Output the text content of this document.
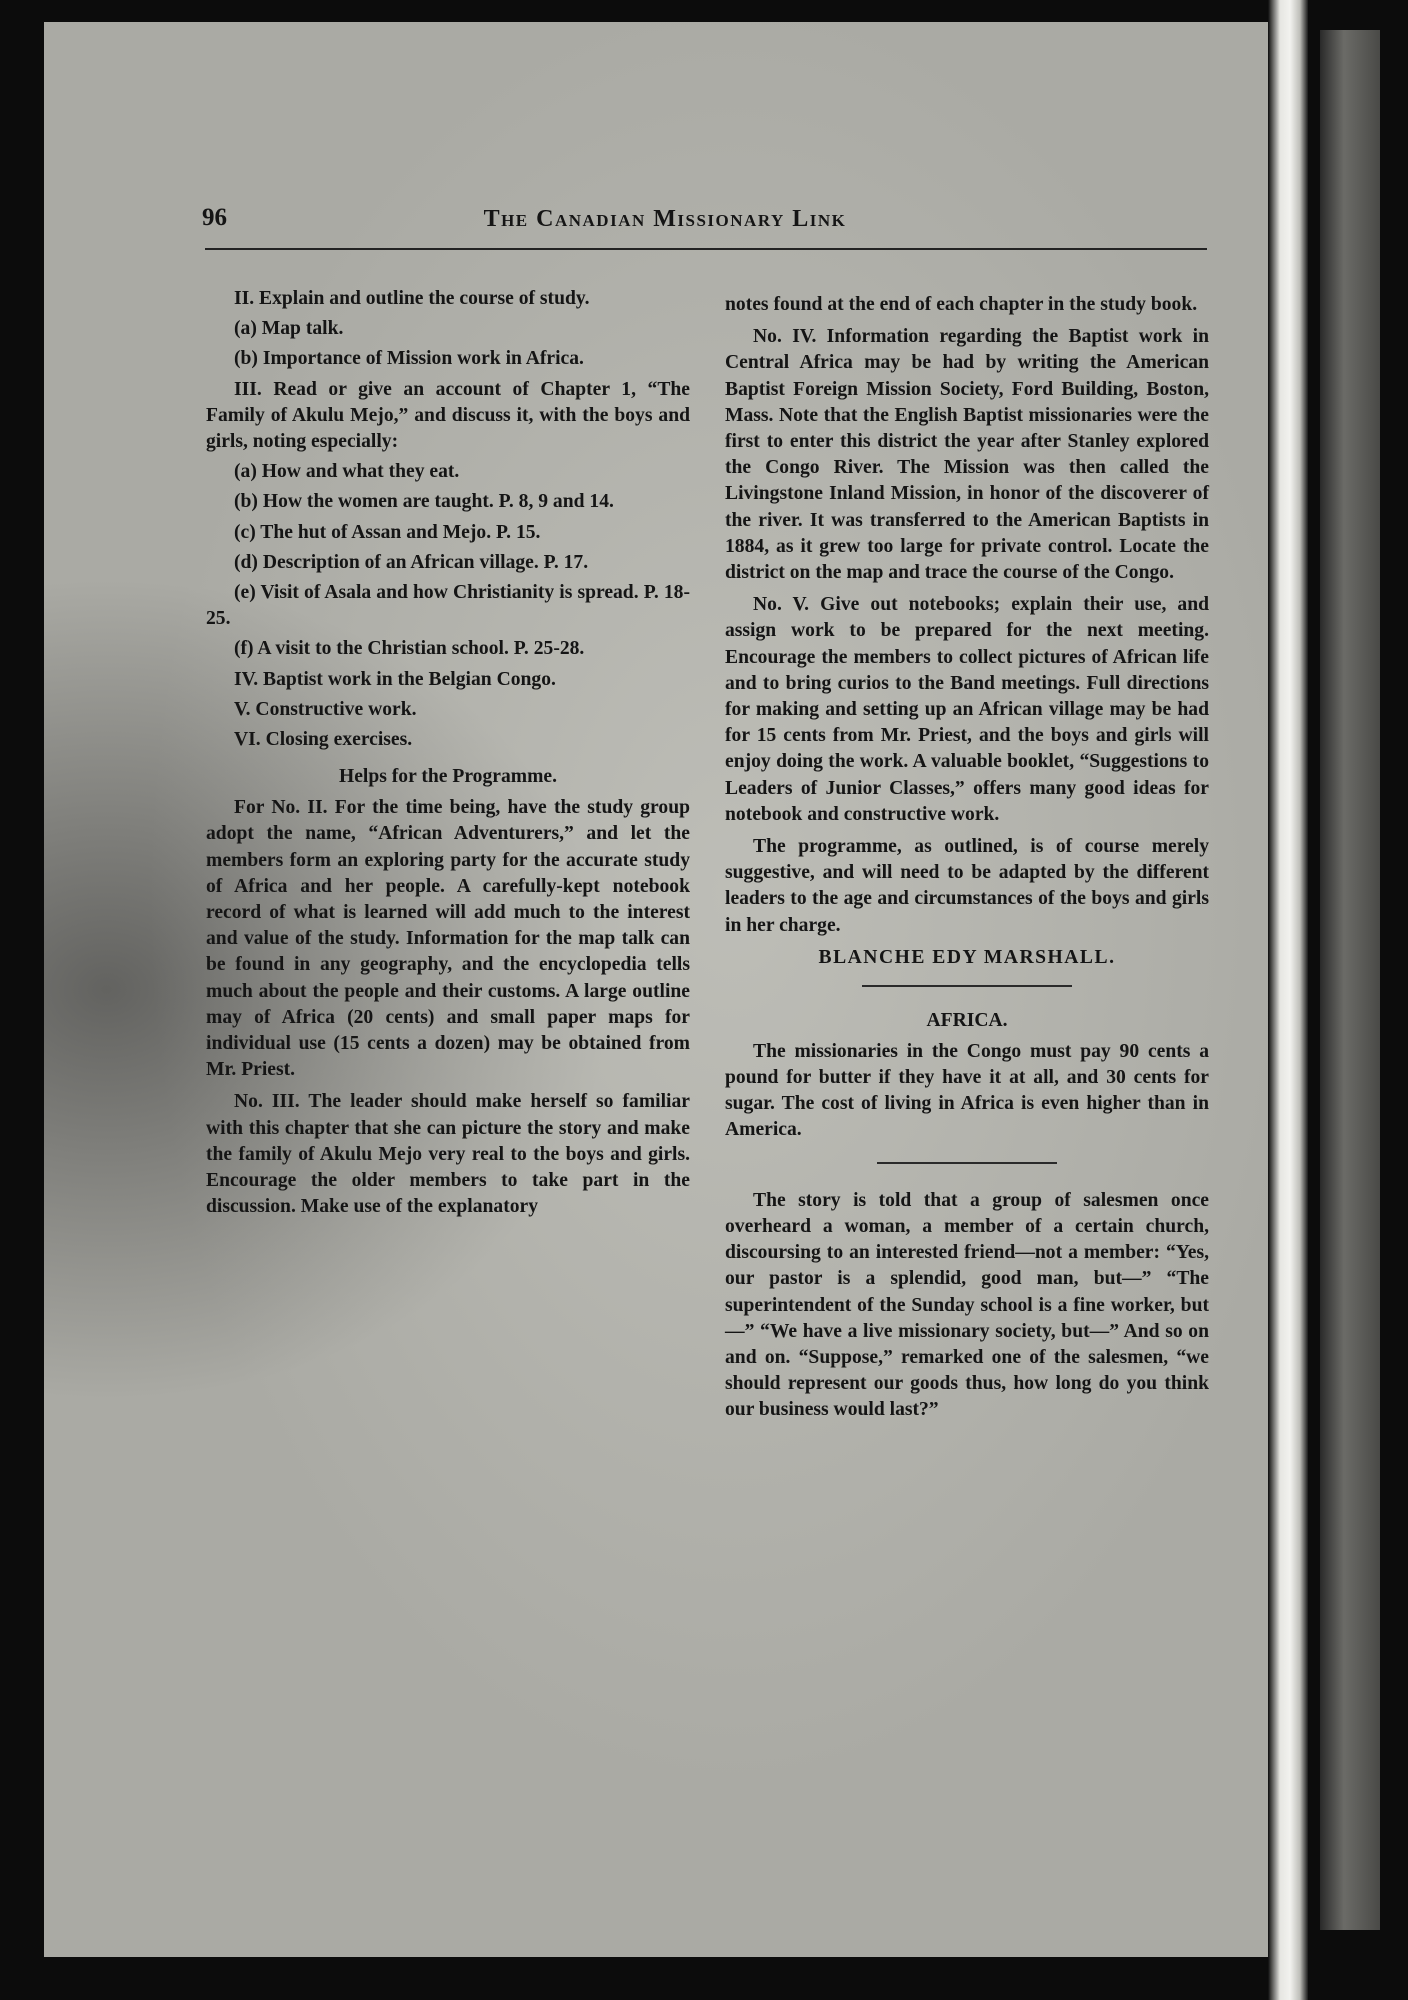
96	The Canadian Missionary Link

II. Explain and outline the course of study.

(a) Map talk.

(b) Importance of Mission work in Africa.

III. Read or give an account of Chapter 1, “The Family of Akulu Mejo,” and discuss it, with the boys and girls, noting especially:

(a) How and what they eat.

(b) How the women are taught. P. 8, 9 and 14.

(c) The hut of Assan and Mejo. P. 15.

(d) Description of an African village. P. 17.

(e) Visit of Asala and how Christianity is spread. P. 18-25.

(f) A visit to the Christian school. P. 25-28.

IV. Baptist work in the Belgian Congo.

V. Constructive work.

VI. Closing exercises.

Helps for the Programme.

For No. II. For the time being, have the study group adopt the name, “African Adventurers,” and let the members form an exploring party for the accurate study of Africa and her people. A carefully-kept notebook record of what is learned will add much to the interest and value of the study. Information for the map talk can be found in any geography, and the encyclopedia tells much about the people and their customs. A large outline may of Africa (20 cents) and small paper maps for individual use (15 cents a dozen) may be obtained from Mr. Priest.

No. III. The leader should make herself so familiar with this chapter that she can picture the story and make the family of Akulu Mejo very real to the boys and girls. Encourage the older members to take part in the discussion. Make use of the explanatory

notes found at the end of each chapter in the study book.

No. IV. Information regarding the Baptist work in Central Africa may be had by writing the American Baptist Foreign Mission Society, Ford Building, Boston, Mass. Note that the English Baptist missionaries were the first to enter this district the year after Stanley explored the Congo River. The Mission was then called the Livingstone Inland Mission, in honor of the discoverer of the river. It was transferred to the American Baptists in 1884, as it grew too large for private control. Locate the district on the map and trace the course of the Congo.

No. V. Give out notebooks; explain their use, and assign work to be prepared for the next meeting. Encourage the members to collect pictures of African life and to bring curios to the Band meetings. Full directions for making and setting up an African village may be had for 15 cents from Mr. Priest, and the boys and girls will enjoy doing the work. A valuable booklet, “Suggestions to Leaders of Junior Classes,” offers many good ideas for notebook and constructive work.

The programme, as outlined, is of course merely suggestive, and will need to be adapted by the different leaders to the age and circumstances of the boys and girls in her charge.

BLANCHE EDY MARSHALL.
AFRICA.

The missionaries in the Congo must pay 90 cents a pound for butter if they have it at all, and 30 cents for sugar. The cost of living in Africa is even higher than in America.

The story is told that a group of salesmen once overheard a woman, a member of a certain church, discoursing to an interested friend—not a member: “Yes, our pastor is a splendid, good man, but—” “The superintendent of the Sunday school is a fine worker, but—” “We have a live missionary society, but—” And so on and on. “Suppose,” remarked one of the salesmen, “we should represent our goods thus, how long do you think our business would last?”
